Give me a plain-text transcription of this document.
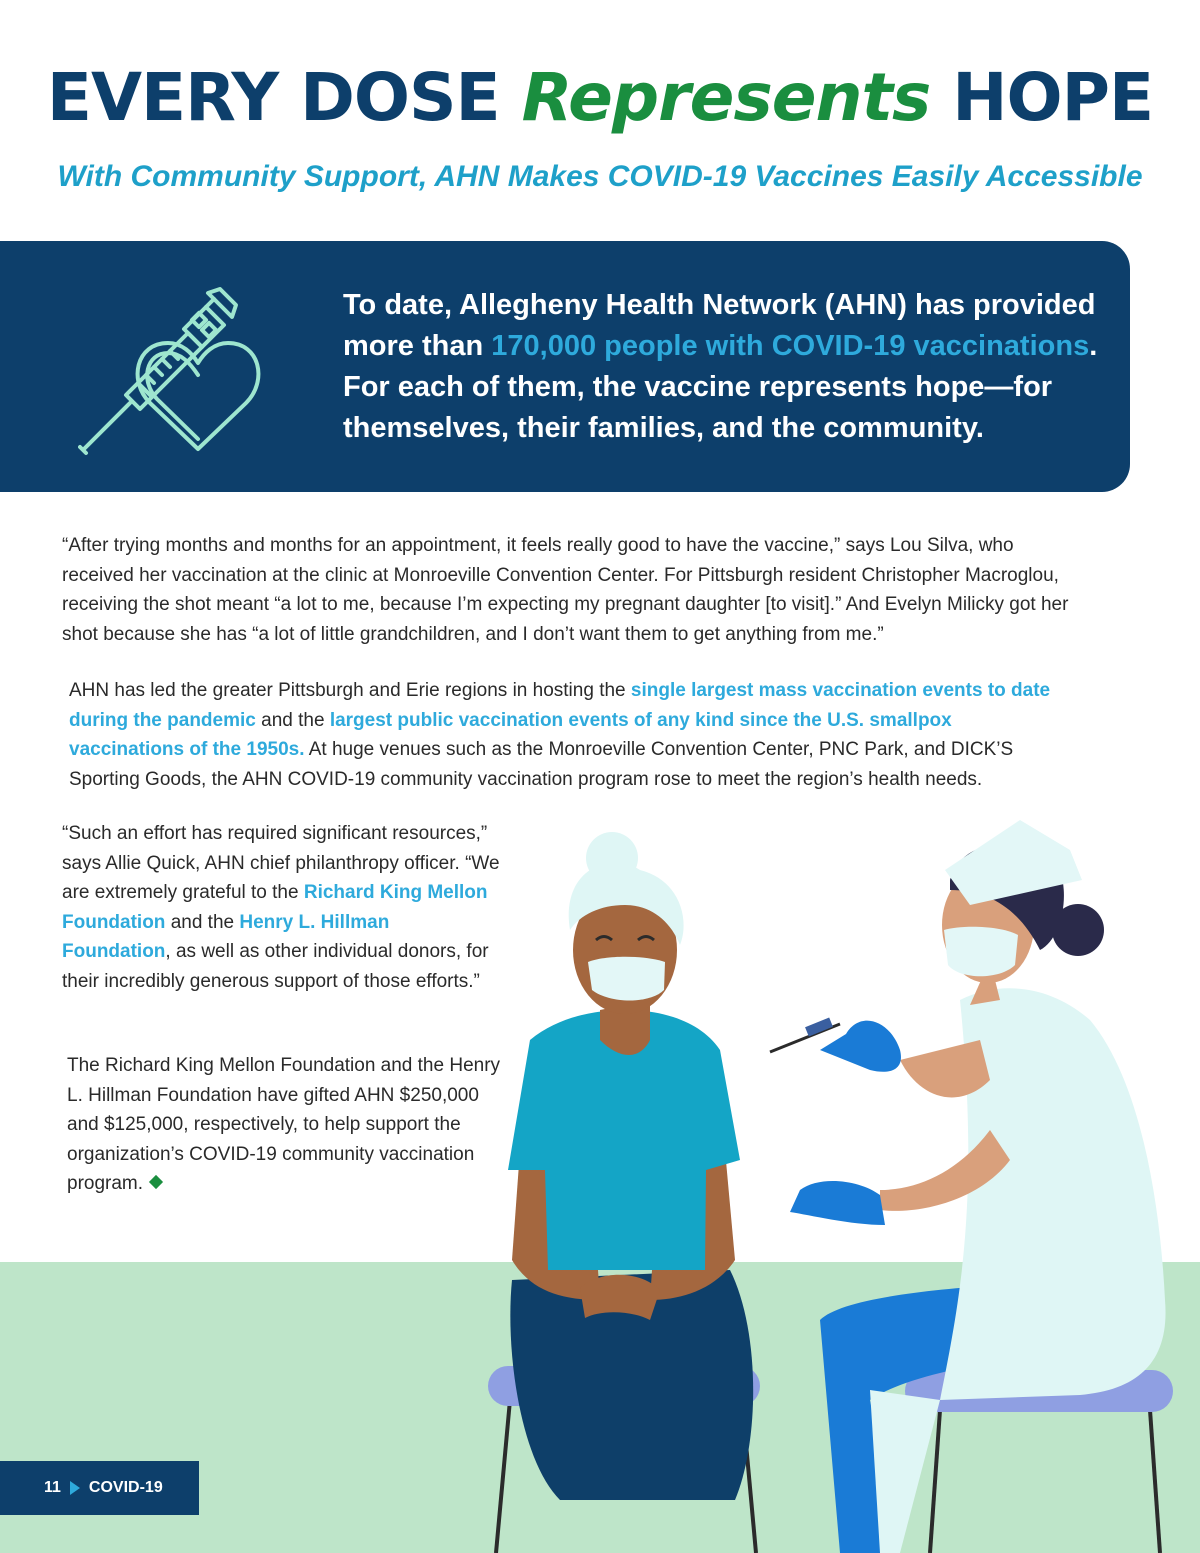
EVERY DOSE Represents HOPE
With Community Support, AHN Makes COVID-19 Vaccines Easily Accessible

To date, Allegheny Health Network (AHN) has provided more than 170,000 people with COVID-19 vaccinations. For each of them, the vaccine represents hope—for themselves, their families, and the community.

“After trying months and months for an appointment, it feels really good to have the vaccine,” says Lou Silva, who received her vaccination at the clinic at Monroeville Convention Center. For Pittsburgh resident Christopher Macroglou, receiving the shot meant “a lot to me, because I’m expecting my pregnant daughter [to visit].” And Evelyn Milicky got her shot because she has “a lot of little grandchildren, and I don’t want them to get anything from me.”

AHN has led the greater Pittsburgh and Erie regions in hosting the single largest mass vaccination events to date during the pandemic and the largest public vaccination events of any kind since the U.S. smallpox vaccinations of the 1950s. At huge venues such as the Monroeville Convention Center, PNC Park, and DICK’S Sporting Goods, the AHN COVID-19 community vaccination program rose to meet the region’s health needs.

“Such an effort has required significant resources,” says Allie Quick, AHN chief philanthropy officer. “We are extremely grateful to the Richard King Mellon Foundation and the Henry L. Hillman Foundation, as well as other individual donors, for their incredibly generous support of those efforts.”

The Richard King Mellon Foundation and the Henry L. Hillman Foundation have gifted AHN $250,000 and $125,000, respectively, to help support the organization’s COVID-19 community vaccination program.

11 COVID-19
